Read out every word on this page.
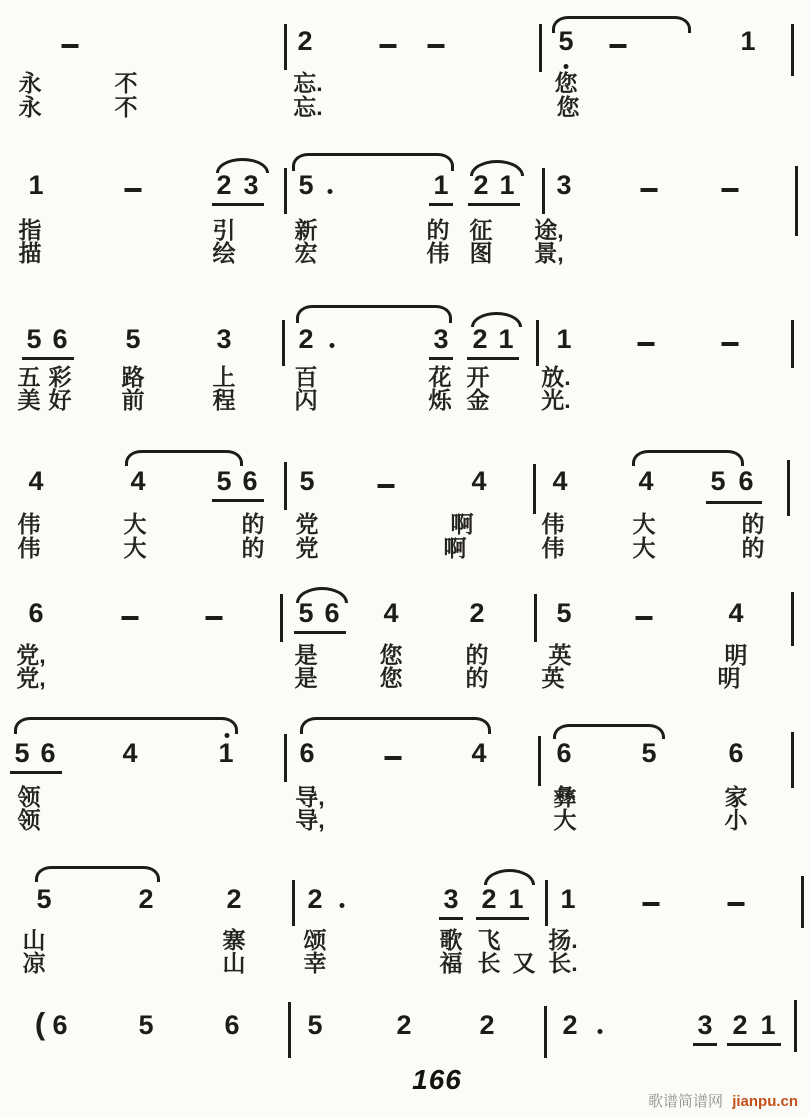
166
歌谱简谱网 jianpu.cn
2	5	1
永	不	忘.	您
永	不	忘.	您
1	2 3 5	1 2 1 3
指	引	新	的 征 途,
描	绘	宏	伟 图 景,
5 6 5	3 2	3 2 1 1
五 彩 路	上	百	花 开 放.
美 好 前	程	闪	烁 金 光.
4	4	5 6 5	4 4	4 5 6
伟	大	的 党	啊	伟	大	的
伟	大	的 党	啊	伟	大	的
6	5 6 4	2	5	4
党,	是	您	的	英	明
党,	是	您	的 英	明
5 6 4	1 6	4	6	5	6
领	导,	彝	家
领	导,	大	小
5	2	2 2	3 2 1 1
山	寨	颂	歌 飞 扬.
凉	山	幸	福 长 又 长.
( 6	5	6	5	2	2	2	3 2 1
